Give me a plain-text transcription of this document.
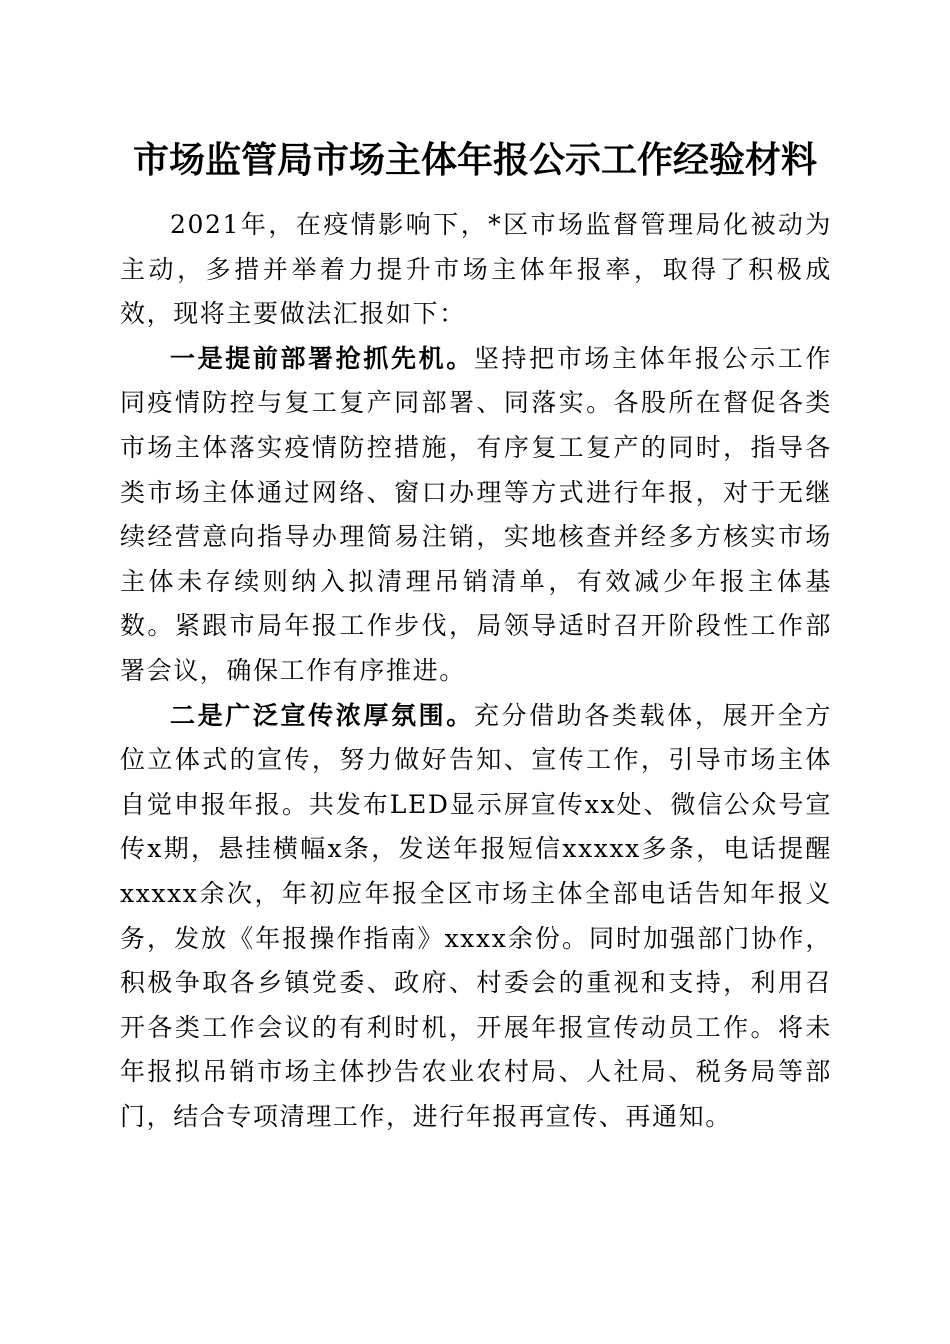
市场监管局市场主体年报公示工作经验材料

2021年，在疫情影响下，*区市场监督管理局化被动为主动，多措并举着力提升市场主体年报率，取得了积极成效，现将主要做法汇报如下：

一是提前部署抢抓先机。坚持把市场主体年报公示工作同疫情防控与复工复产同部署、同落实。各股所在督促各类市场主体落实疫情防控措施，有序复工复产的同时，指导各类市场主体通过网络、窗口办理等方式进行年报，对于无继续经营意向指导办理简易注销，实地核查并经多方核实市场主体未存续则纳入拟清理吊销清单，有效减少年报主体基数。紧跟市局年报工作步伐，局领导适时召开阶段性工作部署会议，确保工作有序推进。

二是广泛宣传浓厚氛围。充分借助各类载体，展开全方位立体式的宣传，努力做好告知、宣传工作，引导市场主体自觉申报年报。共发布LED显示屏宣传xx处、微信公众号宣传x期，悬挂横幅x条，发送年报短信xxxxx多条，电话提醒xxxxx余次，年初应年报全区市场主体全部电话告知年报义务，发放《年报操作指南》xxxx余份。同时加强部门协作，积极争取各乡镇党委、政府、村委会的重视和支持，利用召开各类工作会议的有利时机，开展年报宣传动员工作。将未年报拟吊销市场主体抄告农业农村局、人社局、税务局等部门，结合专项清理工作，进行年报再宣传、再通知。
